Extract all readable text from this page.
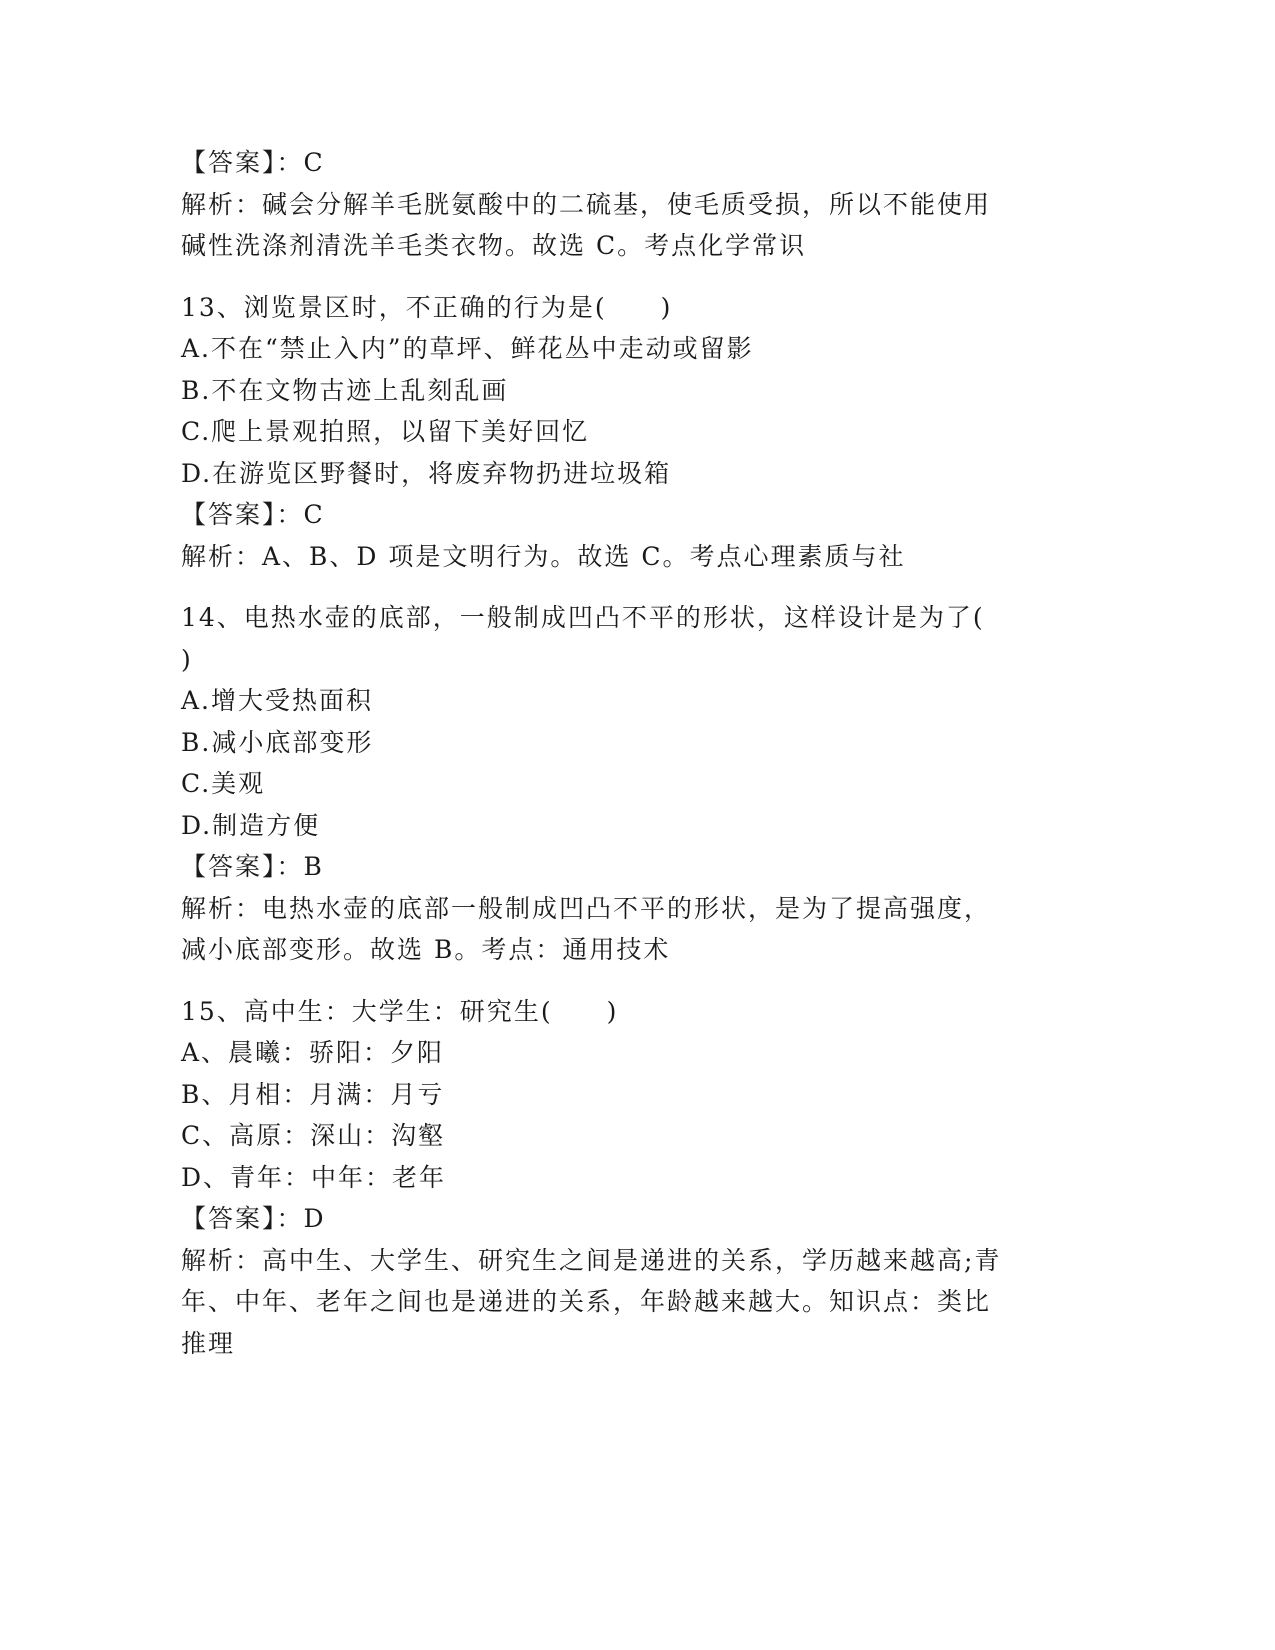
【答案】：C
解析：碱会分解羊毛胱氨酸中的二硫基，使毛质受损，所以不能使用
碱性洗涤剂清洗羊毛类衣物。故选 C。考点化学常识
13、浏览景区时，不正确的行为是(　　)
A.不在“禁止入内”的草坪、鲜花丛中走动或留影
B.不在文物古迹上乱刻乱画
C.爬上景观拍照，以留下美好回忆
D.在游览区野餐时，将废弃物扔进垃圾箱
【答案】：C
解析：A、B、D 项是文明行为。故选 C。考点心理素质与社
14、电热水壶的底部，一般制成凹凸不平的形状，这样设计是为了(
)
A.增大受热面积
B.减小底部变形
C.美观
D.制造方便
【答案】：B
解析：电热水壶的底部一般制成凹凸不平的形状，是为了提高强度，
减小底部变形。故选 B。考点：通用技术
15、高中生：大学生：研究生(　　)
A、晨曦：骄阳：夕阳
B、月相：月满：月亏
C、高原：深山：沟壑
D、青年：中年：老年
【答案】：D
解析：高中生、大学生、研究生之间是递进的关系，学历越来越高;青
年、中年、老年之间也是递进的关系，年龄越来越大。知识点：类比
推理
